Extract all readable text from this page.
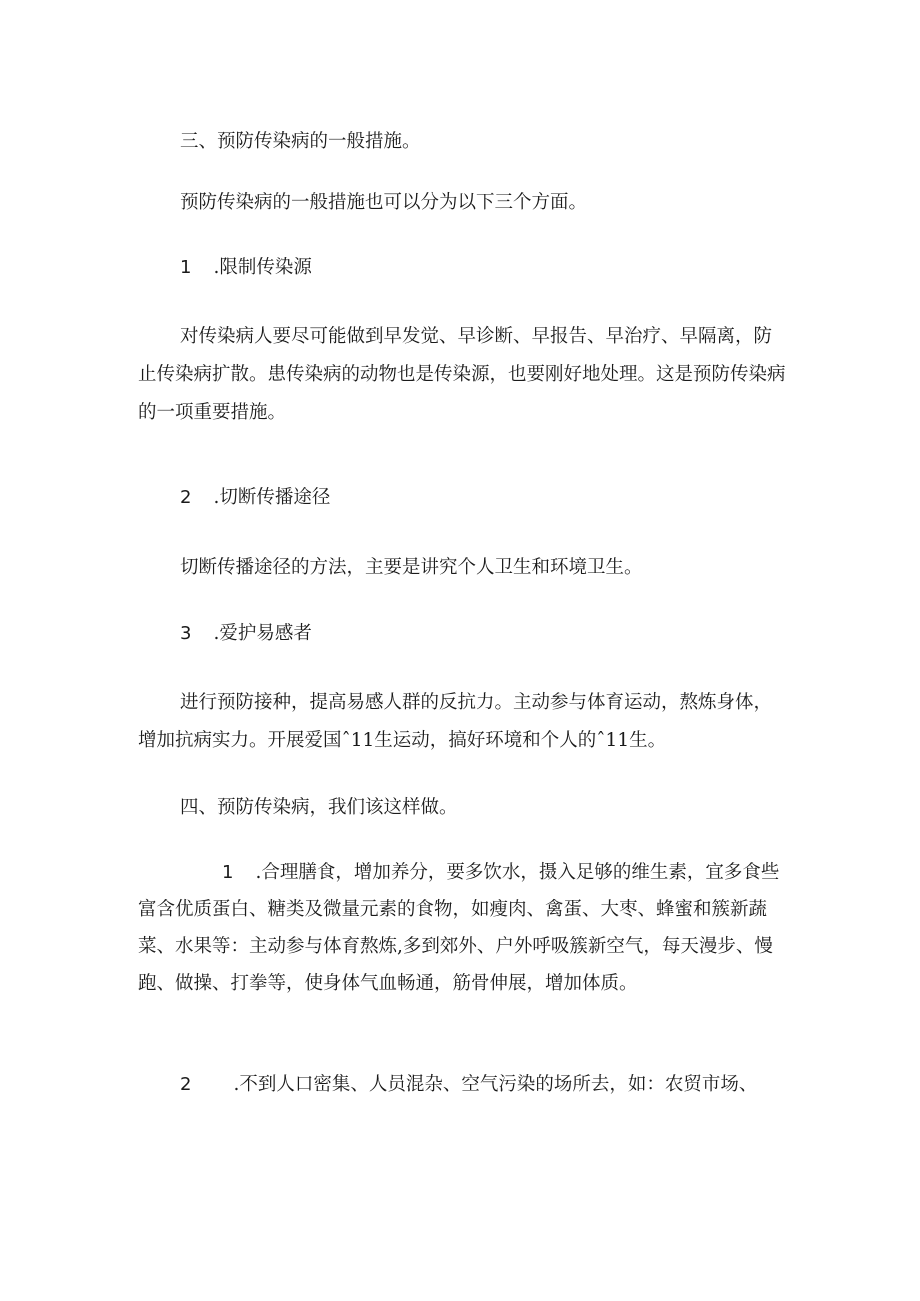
三、预防传染病的一般措施。

预防传染病的一般措施也可以分为以下三个方面。

1 .限制传染源

对传染病人要尽可能做到早发觉、早诊断、早报告、早治疗、早隔离，防止传染病扩散。患传染病的动物也是传染源，也要刚好地处理。这是预防传染病的一项重要措施。

2 .切断传播途径

切断传播途径的方法，主要是讲究个人卫生和环境卫生。

3 .爱护易感者

进行预防接种，提高易感人群的反抗力。主动参与体育运动，熬炼身体，增加抗病实力。开展爱国ˆ11生运动，搞好环境和个人的ˆ11生。

四、预防传染病，我们该这样做。

1 .合理膳食，增加养分，要多饮水，摄入足够的维生素，宜多食些富含优质蛋白、糖类及微量元素的食物，如瘦肉、禽蛋、大枣、蜂蜜和簇新蔬菜、水果等：主动参与体育熬炼,多到郊外、户外呼吸簇新空气，每天漫步、慢跑、做操、打拳等，使身体气血畅通，筋骨伸展，增加体质。

2 .不到人口密集、人员混杂、空气污染的场所去，如：农贸市场、
